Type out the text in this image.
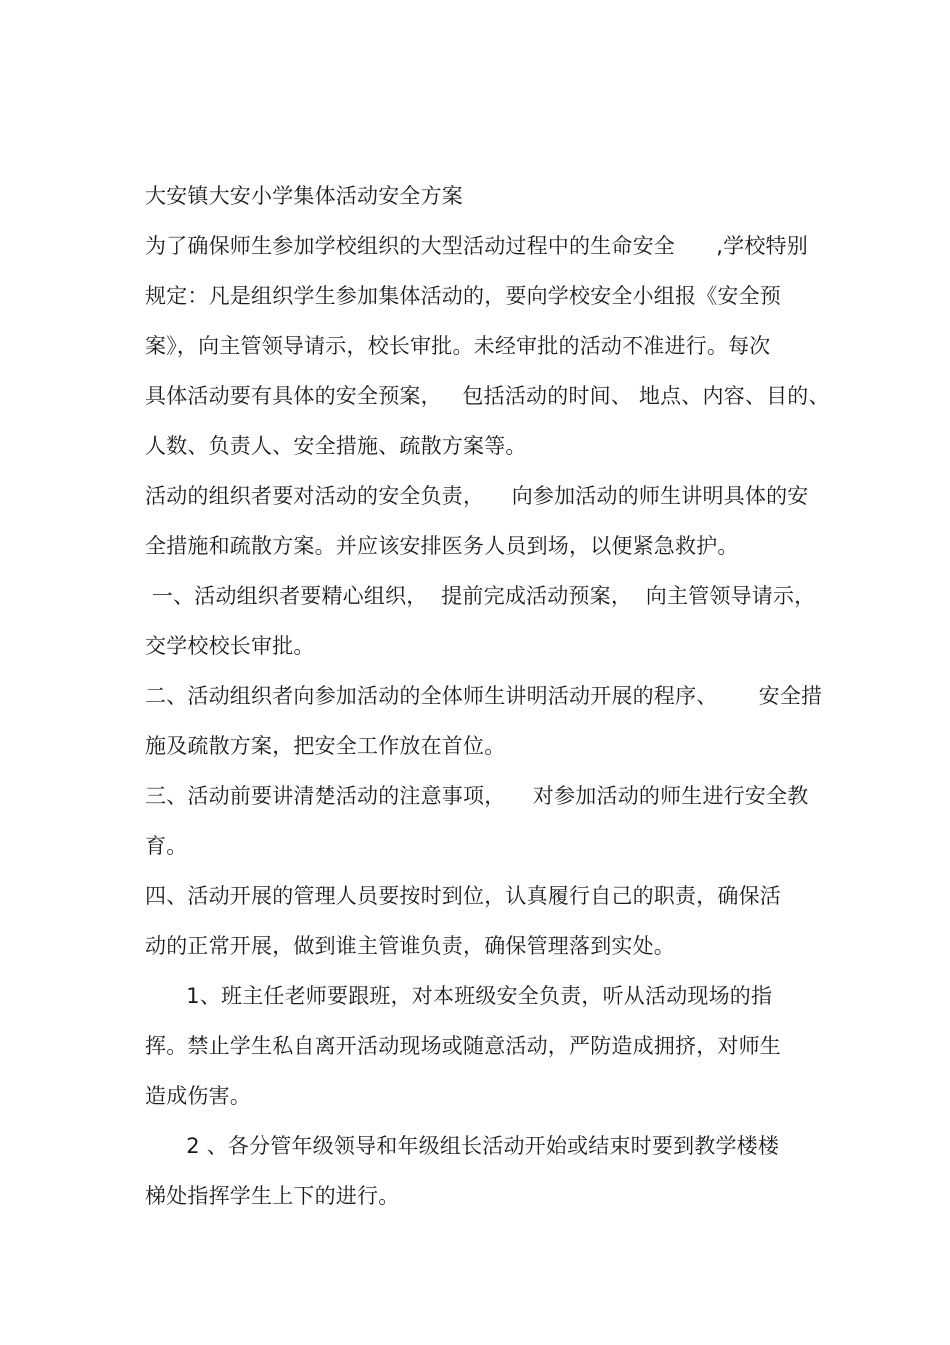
大安镇大安小学集体活动安全方案
为了确保师生参加学校组织的大型活动过程中的生命安全      ,学校特别
规定：凡是组织学生参加集体活动的，要向学校安全小组报《安全预
案》，向主管领导请示，校长审批。未经审批的活动不准进行。每次
具体活动要有具体的安全预案，   包括活动的时间、 地点、内容、目的、
人数、负责人、安全措施、疏散方案等。
活动的组织者要对活动的安全负责，    向参加活动的师生讲明具体的安
全措施和疏散方案。并应该安排医务人员到场，以便紧急救护。
一、活动组织者要精心组织，  提前完成活动预案，  向主管领导请示，
交学校校长审批。
二、活动组织者向参加活动的全体师生讲明活动开展的程序、      安全措
施及疏散方案，把安全工作放在首位。
三、活动前要讲清楚活动的注意事项，    对参加活动的师生进行安全教
育。
四、活动开展的管理人员要按时到位，认真履行自己的职责，确保活
动的正常开展，做到谁主管谁负责，确保管理落到实处。
1、班主任老师要跟班，对本班级安全负责，听从活动现场的指
挥。禁止学生私自离开活动现场或随意活动，严防造成拥挤，对师生
造成伤害。
2 、各分管年级领导和年级组长活动开始或结束时要到教学楼楼
梯处指挥学生上下的进行。
